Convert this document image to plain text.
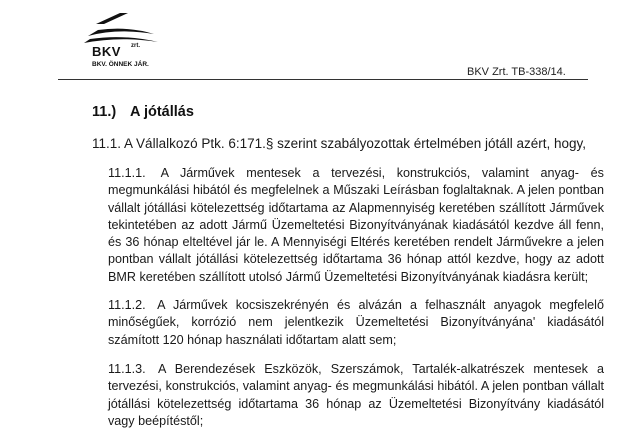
BKV zrt.
BKV. ÖNNEK JÁR.
BKV Zrt. TB-338/14.
11.) A jótállás
11.1. A Vállalkozó Ptk. 6:171.§ szerint szabályozottak értelmében jótáll azért, hogy,
11.1.1. A Járművek mentesek a tervezési, konstrukciós, valamint anyag- és megmunkálási hibától és megfelelnek a Műszaki Leírásban foglaltaknak. A jelen pontban vállalt jótállási kötelezettség időtartama az Alapmennyiség keretében szállított Járművek tekintetében az adott Jármű Üzemeltetési Bizonyítványának kiadásától kezdve áll fenn, és 36 hónap elteltével jár le. A Mennyiségi Eltérés keretében rendelt Járművekre a jelen pontban vállalt jótállási kötelezettség időtartama 36 hónap attól kezdve, hogy az adott BMR keretében szállított utolsó Jármű Üzemeltetési Bizonyítványának kiadásra került;
11.1.2. A Járművek kocsiszekrényén és alvázán a felhasznált anyagok megfelelő minőségűek, korrózió nem jelentkezik Üzemeltetési Bizonyítványána' kiadásától számított 120 hónap használati időtartam alatt sem;
11.1.3. A Berendezések Eszközök, Szerszámok, Tartalék-alkatrészek mentesek a tervezési, konstrukciós, valamint anyag- és megmunkálási hibától. A jelen pontban vállalt jótállási kötelezettség időtartama 36 hónap az Üzemeltetési Bizonyítvány kiadásától vagy beépítéstől;
